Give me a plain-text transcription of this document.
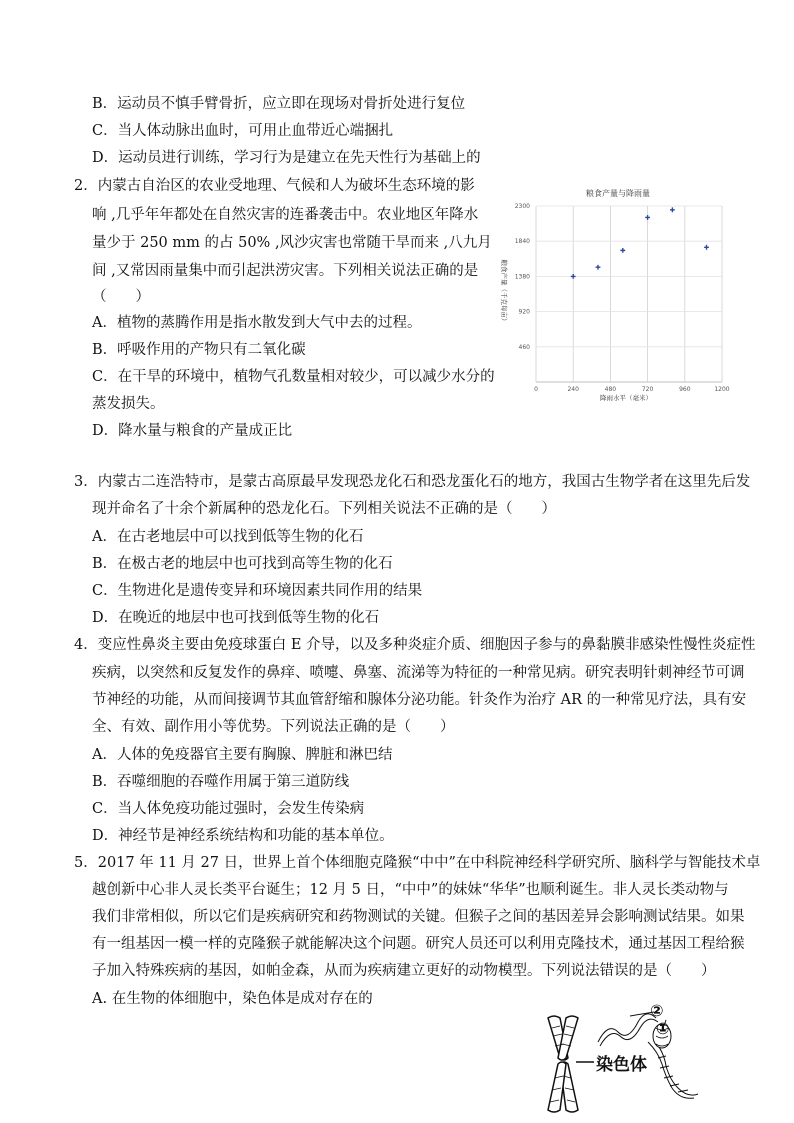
B．运动员不慎手臂骨折，应立即在现场对骨折处进行复位
C．当人体动脉出血时，可用止血带近心端捆扎
D．运动员进行训练，学习行为是建立在先天性行为基础上的
2．内蒙古自治区的农业受地理、气候和人为破坏生态环境的影
响 ,几乎年年都处在自然灾害的连番袭击中。农业地区年降水
量少于 250 mm 的占 50% ,风沙灾害也常随干旱而来 ,八九月
间 ,又常因雨量集中而引起洪涝灾害。下列相关说法正确的是
（　　）
A．植物的蒸腾作用是指水散发到大气中去的过程。
B．呼吸作用的产物只有二氧化碳
C．在干旱的环境中，植物气孔数量相对较少，可以减少水分的
蒸发损失。
D．降水量与粮食的产量成正比
粮食产量与降雨量
0	240	480	720	960	1200
460
920
1380
1840
2300
降雨水平（毫米）
粮食产量（千克每亩）
3．内蒙古二连浩特市，是蒙古高原最早发现恐龙化石和恐龙蛋化石的地方，我国古生物学者在这里先后发
现并命名了十余个新属种的恐龙化石。下列相关说法不正确的是（　　）
A．在古老地层中可以找到低等生物的化石
B．在极古老的地层中也可找到高等生物的化石
C．生物进化是遗传变异和环境因素共同作用的结果
D．在晚近的地层中也可找到低等生物的化石
4．变应性鼻炎主要由免疫球蛋白 E 介导，以及多种炎症介质、细胞因子参与的鼻黏膜非感染性慢性炎症性
疾病，以突然和反复发作的鼻痒、喷嚏、鼻塞、流涕等为特征的一种常见病。研究表明针刺神经节可调
节神经的功能，从而间接调节其血管舒缩和腺体分泌功能。针灸作为治疗 AR 的一种常见疗法，具有安
全、有效、副作用小等优势。下列说法正确的是（　　）
A．人体的免疫器官主要有胸腺、脾脏和淋巴结
B．吞噬细胞的吞噬作用属于第三道防线
C．当人体免疫功能过强时，会发生传染病
D．神经节是神经系统结构和功能的基本单位。
5．2017 年 11 月 27 日，世界上首个体细胞克隆猴“中中”在中科院神经科学研究所、脑科学与智能技术卓
越创新中心非人灵长类平台诞生；12 月 5 日，“中中”的妹妹“华华”也顺利诞生。非人灵长类动物与
我们非常相似，所以它们是疾病研究和药物测试的关键。但猴子之间的基因差异会影响测试结果。如果
有一组基因一模一样的克隆猴子就能解决这个问题。研究人员还可以利用克隆技术，通过基因工程给猴
子加入特殊疾病的基因，如帕金森，从而为疾病建立更好的动物模型。下列说法错误的是（　　）
A. 在生物的体细胞中，染色体是成对存在的
染色体
②
①
